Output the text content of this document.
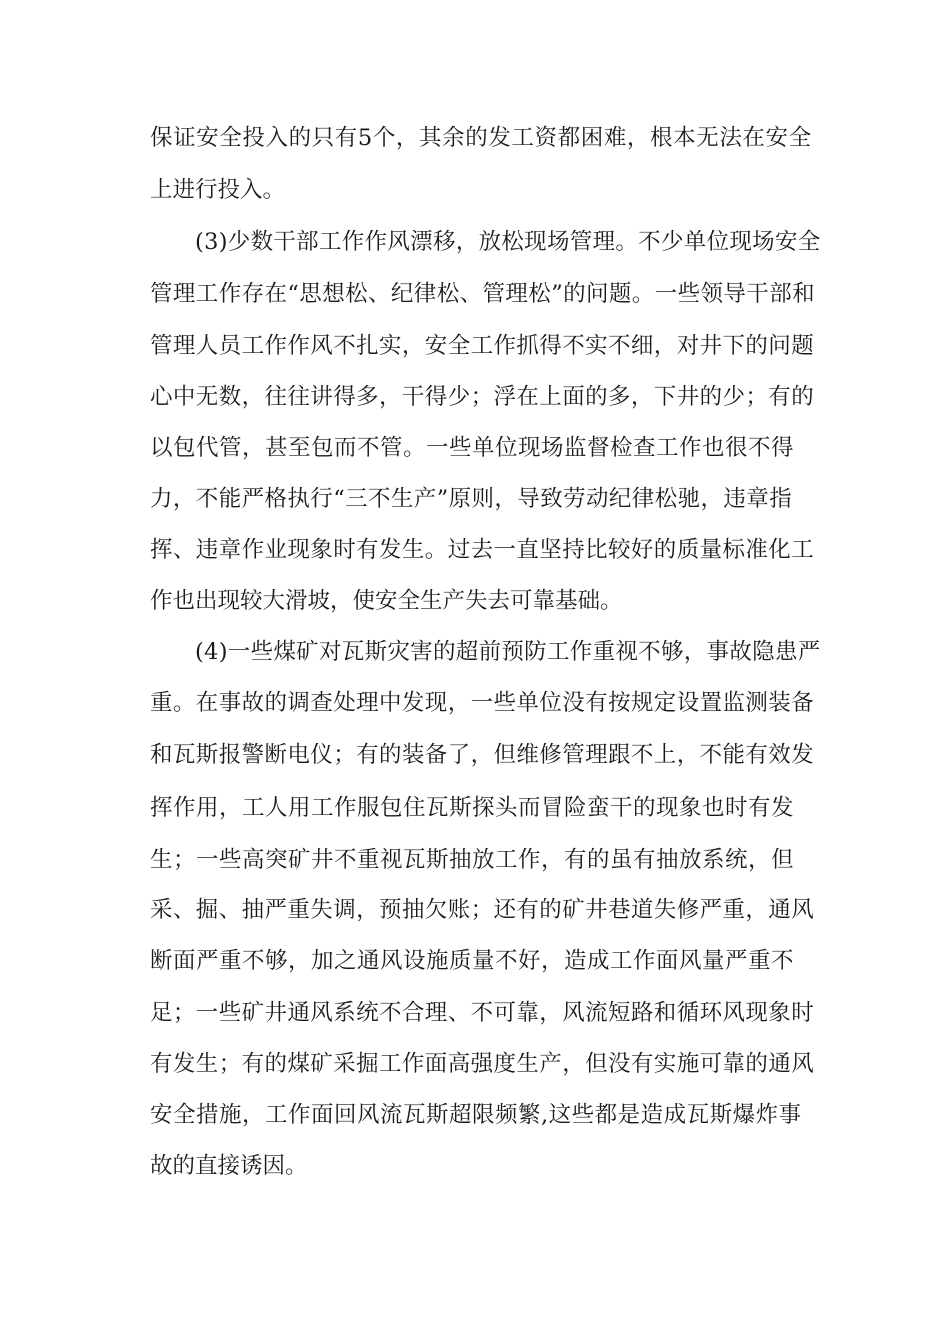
保证安全投入的只有5个，其余的发工资都困难，根本无法在安全
上进行投入。
(3)少数干部工作作风漂移，放松现场管理。不少单位现场安全
管理工作存在“思想松、纪律松、管理松”的问题。一些领导干部和
管理人员工作作风不扎实，安全工作抓得不实不细，对井下的问题
心中无数，往往讲得多，干得少；浮在上面的多，下井的少；有的
以包代管，甚至包而不管。一些单位现场监督检查工作也很不得
力，不能严格执行“三不生产”原则，导致劳动纪律松驰，违章指
挥、违章作业现象时有发生。过去一直坚持比较好的质量标准化工
作也出现较大滑坡，使安全生产失去可靠基础。
(4)一些煤矿对瓦斯灾害的超前预防工作重视不够，事故隐患严
重。在事故的调查处理中发现，一些单位没有按规定设置监测装备
和瓦斯报警断电仪；有的装备了，但维修管理跟不上，不能有效发
挥作用，工人用工作服包住瓦斯探头而冒险蛮干的现象也时有发
生；一些高突矿井不重视瓦斯抽放工作，有的虽有抽放系统，但
采、掘、抽严重失调，预抽欠账；还有的矿井巷道失修严重，通风
断面严重不够，加之通风设施质量不好，造成工作面风量严重不
足；一些矿井通风系统不合理、不可靠，风流短路和循环风现象时
有发生；有的煤矿采掘工作面高强度生产，但没有实施可靠的通风
安全措施，工作面回风流瓦斯超限频繁,这些都是造成瓦斯爆炸事
故的直接诱因。
